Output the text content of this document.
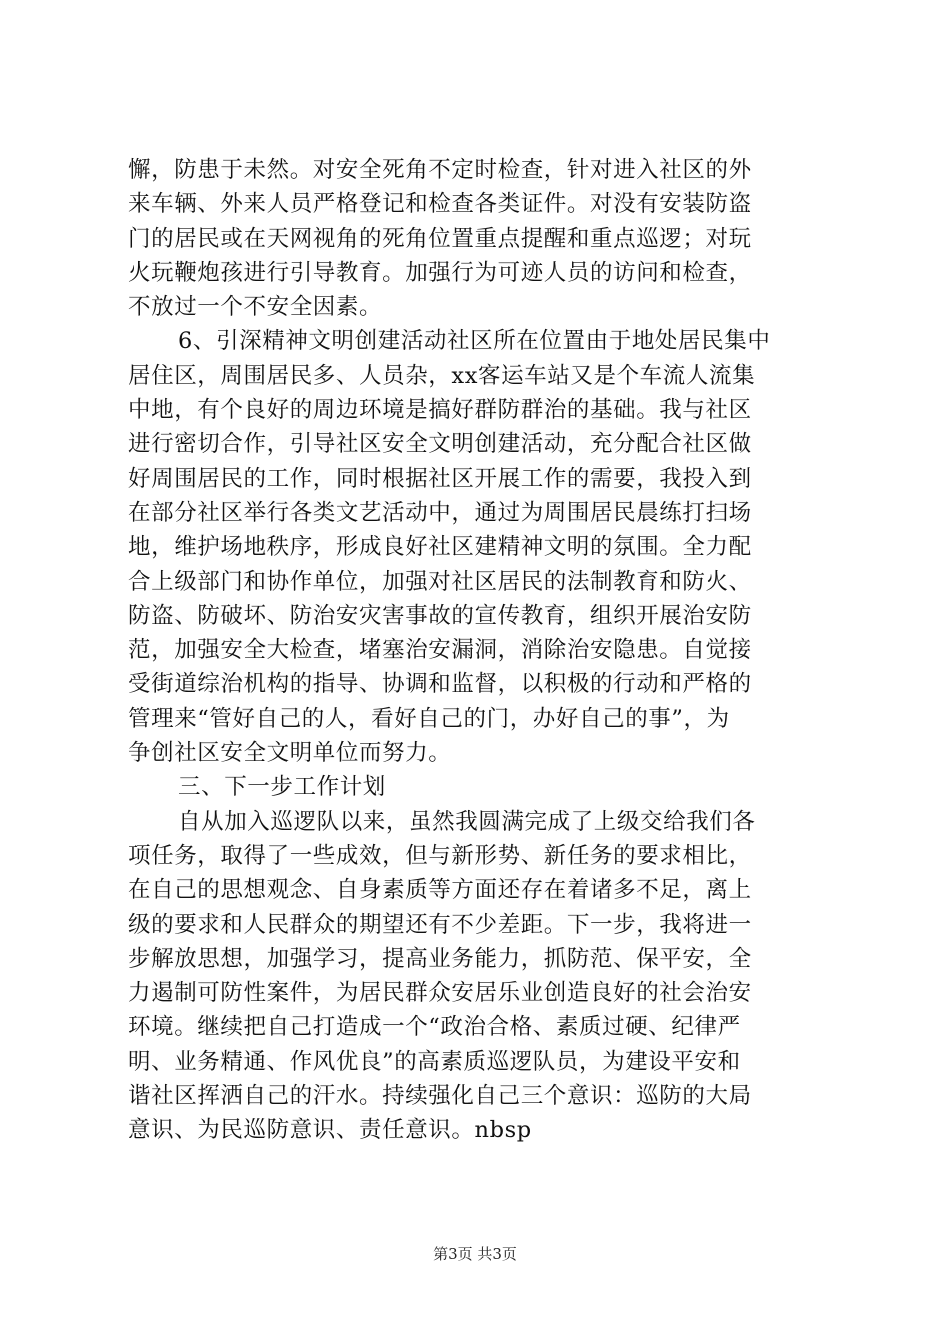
懈，防患于未然。对安全死角不定时检查，针对进入社区的外
来车辆、外来人员严格登记和检查各类证件。对没有安装防盗
门的居民或在天网视角的死角位置重点提醒和重点巡逻；对玩
火玩鞭炮孩进行引导教育。加强行为可迹人员的访问和检查，
不放过一个不安全因素。
6、引深精神文明创建活动社区所在位置由于地处居民集中
居住区，周围居民多、人员杂，xx客运车站又是个车流人流集
中地，有个良好的周边环境是搞好群防群治的基础。我与社区
进行密切合作，引导社区安全文明创建活动，充分配合社区做
好周围居民的工作，同时根据社区开展工作的需要，我投入到
在部分社区举行各类文艺活动中，通过为周围居民晨练打扫场
地，维护场地秩序，形成良好社区建精神文明的氛围。全力配
合上级部门和协作单位，加强对社区居民的法制教育和防火、
防盗、防破坏、防治安灾害事故的宣传教育，组织开展治安防
范，加强安全大检查，堵塞治安漏洞，消除治安隐患。自觉接
受街道综治机构的指导、协调和监督，以积极的行动和严格的
管理来“管好自己的人，看好自己的门，办好自己的事”，为
争创社区安全文明单位而努力。
三、下一步工作计划
自从加入巡逻队以来，虽然我圆满完成了上级交给我们各
项任务，取得了一些成效，但与新形势、新任务的要求相比，
在自己的思想观念、自身素质等方面还存在着诸多不足，离上
级的要求和人民群众的期望还有不少差距。下一步，我将进一
步解放思想，加强学习，提高业务能力，抓防范、保平安，全
力遏制可防性案件，为居民群众安居乐业创造良好的社会治安
环境。继续把自己打造成一个“政治合格、素质过硬、纪律严
明、业务精通、作风优良”的高素质巡逻队员，为建设平安和
谐社区挥洒自己的汗水。持续强化自己三个意识：巡防的大局
意识、为民巡防意识、责任意识。nbsp
第3页 共3页
